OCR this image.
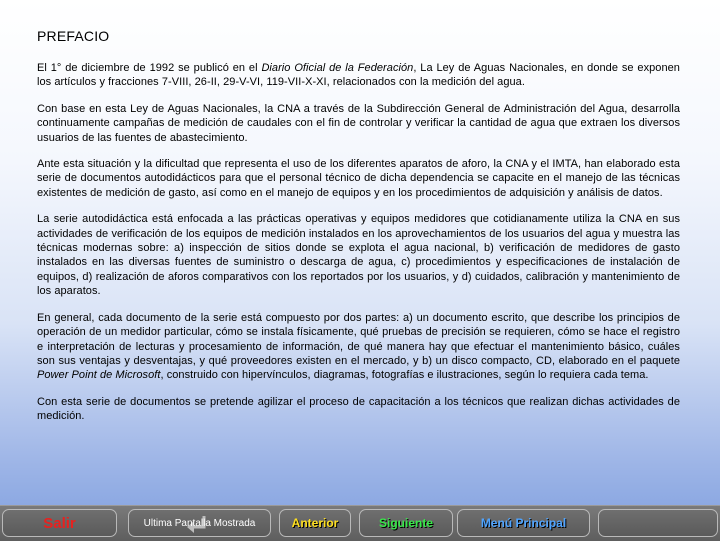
PREFACIO

El 1° de diciembre de 1992 se publicó en el Diario Oficial de la Federación, La Ley de Aguas Nacionales, en donde se exponen los artículos y fracciones 7-VIII, 26-II, 29-V-VI, 119-VII-X-XI, relacionados con la medición del agua.

Con base en esta Ley de Aguas Nacionales, la CNA a través de la Subdirección General de Administración del Agua, desarrolla continuamente campañas de medición de caudales con el fin de controlar y verificar la cantidad de agua que extraen los diversos usuarios de las fuentes de abastecimiento.

Ante esta situación y la dificultad que representa el uso de los diferentes aparatos de aforo, la CNA y el IMTA, han elaborado esta serie de documentos autodidácticos para que el personal técnico de dicha dependencia se capacite en el manejo de las técnicas existentes de medición de gasto, así como en el manejo de equipos y en los procedimientos de adquisición y análisis de datos.

La serie autodidáctica está enfocada a las prácticas operativas y equipos medidores que cotidianamente utiliza la CNA en sus actividades de verificación de los equipos de medición instalados en los aprovechamientos de los usuarios del agua y muestra las técnicas modernas sobre: a) inspección de sitios donde se explota el agua nacional, b) verificación de medidores de gasto instalados en las diversas fuentes de suministro o descarga de agua, c) procedimientos y especificaciones de instalación de equipos, d) realización de aforos comparativos con los reportados por los usuarios, y d) cuidados, calibración y mantenimiento de los aparatos.

En general, cada documento de la serie está compuesto por dos partes: a) un documento escrito, que describe los principios de operación de un medidor particular, cómo se instala físicamente, qué pruebas de precisión se requieren, cómo se hace el registro e interpretación de lecturas y procesamiento de información, de qué manera hay que efectuar el mantenimiento básico, cuáles son sus ventajas y desventajas, y qué proveedores existen en el mercado, y b) un disco compacto, CD, elaborado en el paquete Power Point de Microsoft, construido con hipervínculos, diagramas, fotografías e ilustraciones, según lo requiera cada tema.

Con esta serie de documentos se pretende agilizar el proceso de capacitación a los técnicos que realizan dichas actividades de medición.

Salir	Ultima Pantalla Mostrada	Anterior	Siguiente	Menú Principal
